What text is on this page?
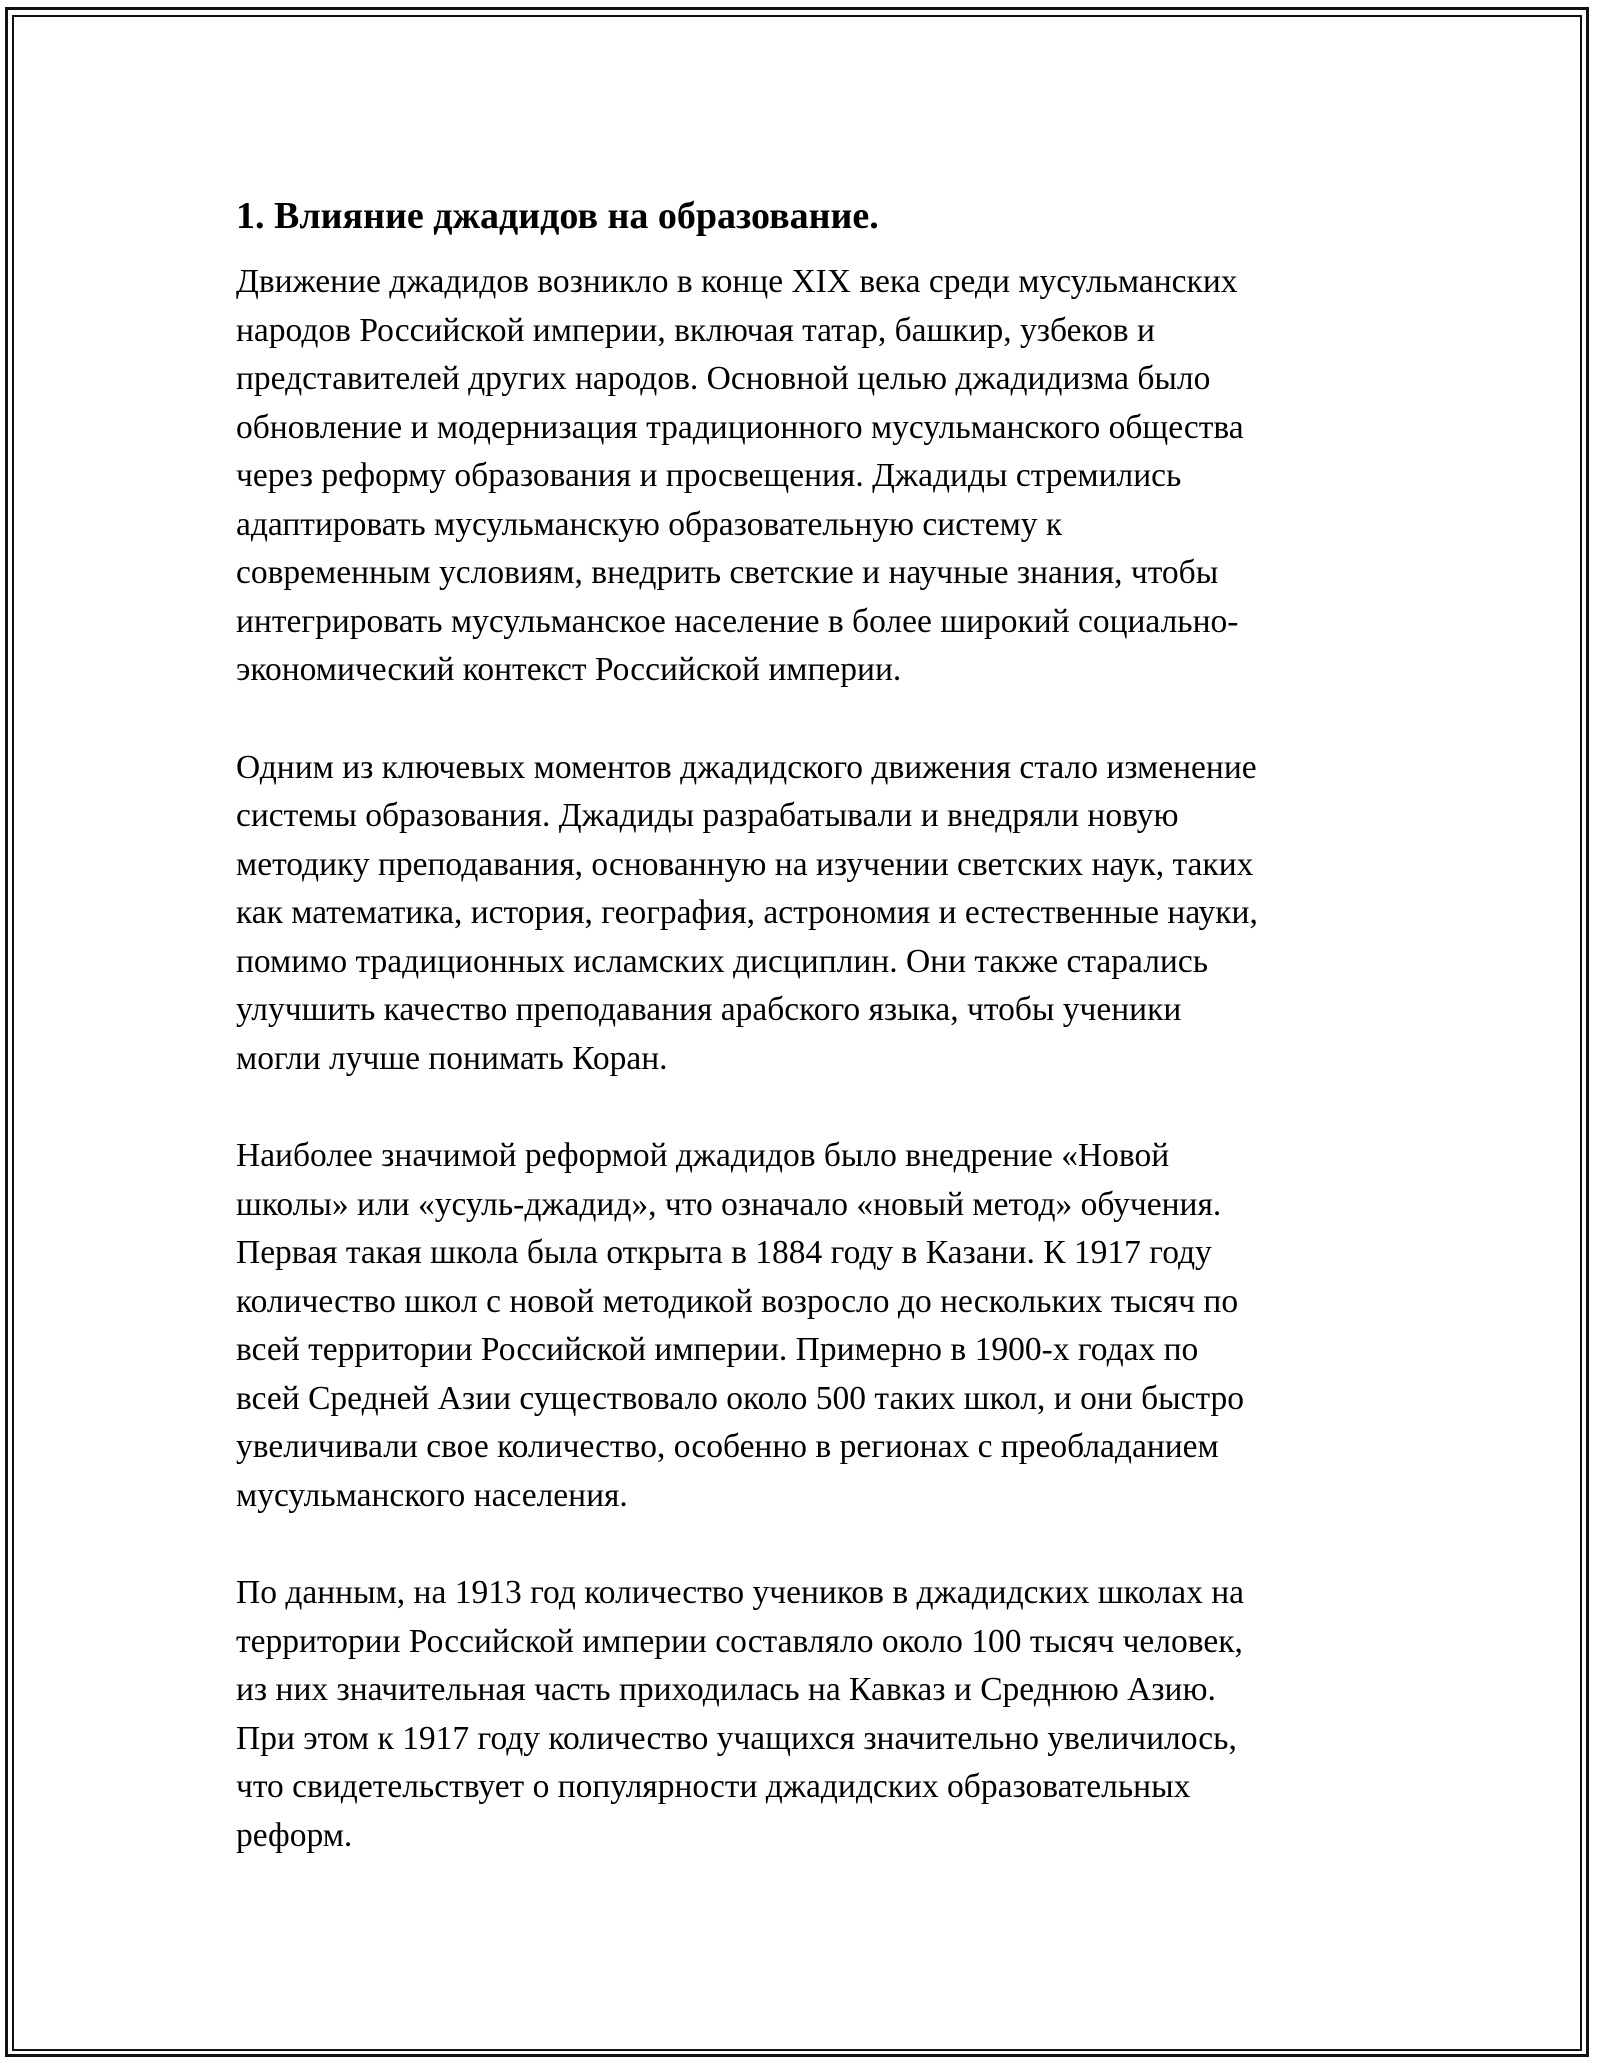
1. Влияние джадидов на образование.

Движение джадидов возникло в конце XIX века среди мусульманских
народов Российской империи, включая татар, башкир, узбеков и
представителей других народов. Основной целью джадидизма было
обновление и модернизация традиционного мусульманского общества
через реформу образования и просвещения. Джадиды стремились
адаптировать мусульманскую образовательную систему к
современным условиям, внедрить светские и научные знания, чтобы
интегрировать мусульманское население в более широкий социально-
экономический контекст Российской империи.

Одним из ключевых моментов джадидского движения стало изменение
системы образования. Джадиды разрабатывали и внедряли новую
методику преподавания, основанную на изучении светских наук, таких
как математика, история, география, астрономия и естественные науки,
помимо традиционных исламских дисциплин. Они также старались
улучшить качество преподавания арабского языка, чтобы ученики
могли лучше понимать Коран.

Наиболее значимой реформой джадидов было внедрение «Новой
школы» или «усуль-джадид», что означало «новый метод» обучения.
Первая такая школа была открыта в 1884 году в Казани. К 1917 году
количество школ с новой методикой возросло до нескольких тысяч по
всей территории Российской империи. Примерно в 1900-х годах по
всей Средней Азии существовало около 500 таких школ, и они быстро
увеличивали свое количество, особенно в регионах с преобладанием
мусульманского населения.

По данным, на 1913 год количество учеников в джадидских школах на
территории Российской империи составляло около 100 тысяч человек,
из них значительная часть приходилась на Кавказ и Среднюю Азию.
При этом к 1917 году количество учащихся значительно увеличилось,
что свидетельствует о популярности джадидских образовательных
реформ.
